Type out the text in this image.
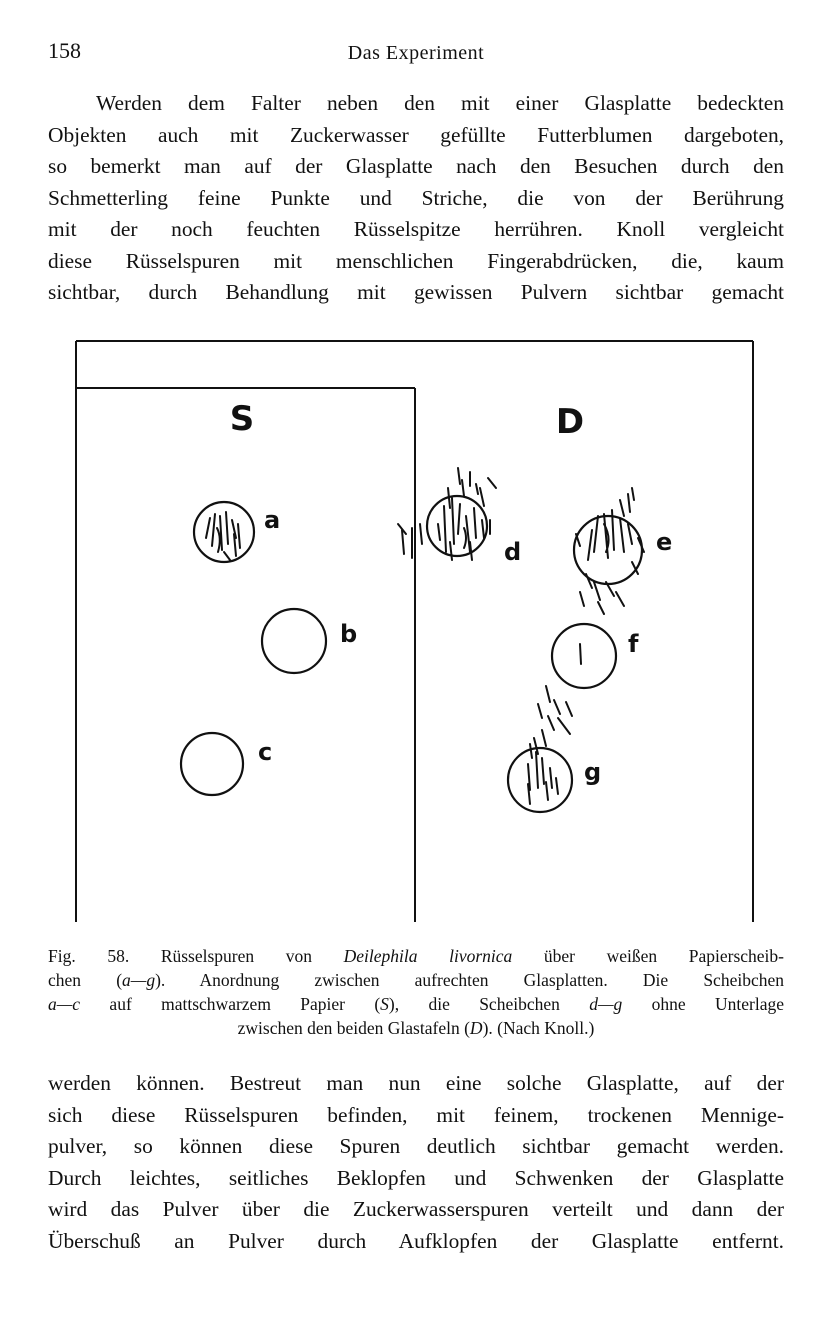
158	Das Experiment

Werden dem Falter neben den mit einer Glasplatte bedeckten
Objekten auch mit Zuckerwasser gefüllte Futterblumen dargeboten,
so bemerkt man auf der Glasplatte nach den Besuchen durch den
Schmetterling feine Punkte und Striche, die von der Berührung
mit der noch feuchten Rüsselspitze herrühren. Knoll vergleicht
diese Rüsselspuren mit menschlichen Fingerabdrücken, die, kaum
sichtbar, durch Behandlung mit gewissen Pulvern sichtbar gemacht

S	D
a
b
c
d	e
f
g
Fig. 58. Rüsselspuren von Deilephila livornica über weißen Papierscheib-
chen (a—g). Anordnung zwischen aufrechten Glasplatten. Die Scheibchen
a—c auf mattschwarzem Papier (S), die Scheibchen d—g ohne Unterlage
zwischen den beiden Glastafeln (D). (Nach Knoll.)

werden können. Bestreut man nun eine solche Glasplatte, auf der
sich diese Rüsselspuren befinden, mit feinem, trockenen Mennige-
pulver, so können diese Spuren deutlich sichtbar gemacht werden.
Durch leichtes, seitliches Beklopfen und Schwenken der Glasplatte
wird das Pulver über die Zuckerwasserspuren verteilt und dann der
Überschuß an Pulver durch Aufklopfen der Glasplatte entfernt.
